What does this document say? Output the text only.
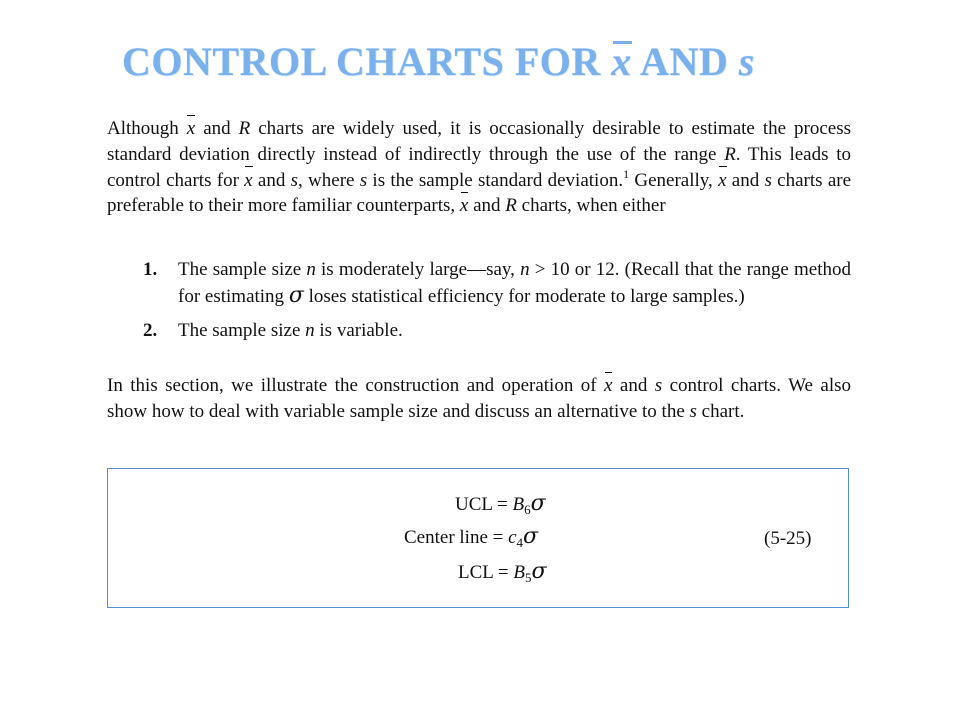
CONTROL CHARTS FOR x AND s

Although x and R charts are widely used, it is occasionally desirable to estimate the process standard deviation directly instead of indirectly through the use of the range R. This leads to control charts for x and s, where s is the sample standard deviation.$^1$ Generally, x and s charts are preferable to their more familiar counterparts, x and R charts, when either

1. The sample size n is moderately large—say, n > 10 or 12. (Recall that the range method for estimating σ loses statistical efficiency for moderate to large samples.)
2. The sample size n is variable.

In this section, we illustrate the construction and operation of x and s control charts. We also show how to deal with variable sample size and discuss an alternative to the s chart.

UCL = $B_6\sigma$
Center line = $c_4\sigma$
LCL = $B_5\sigma$
(5-25)
